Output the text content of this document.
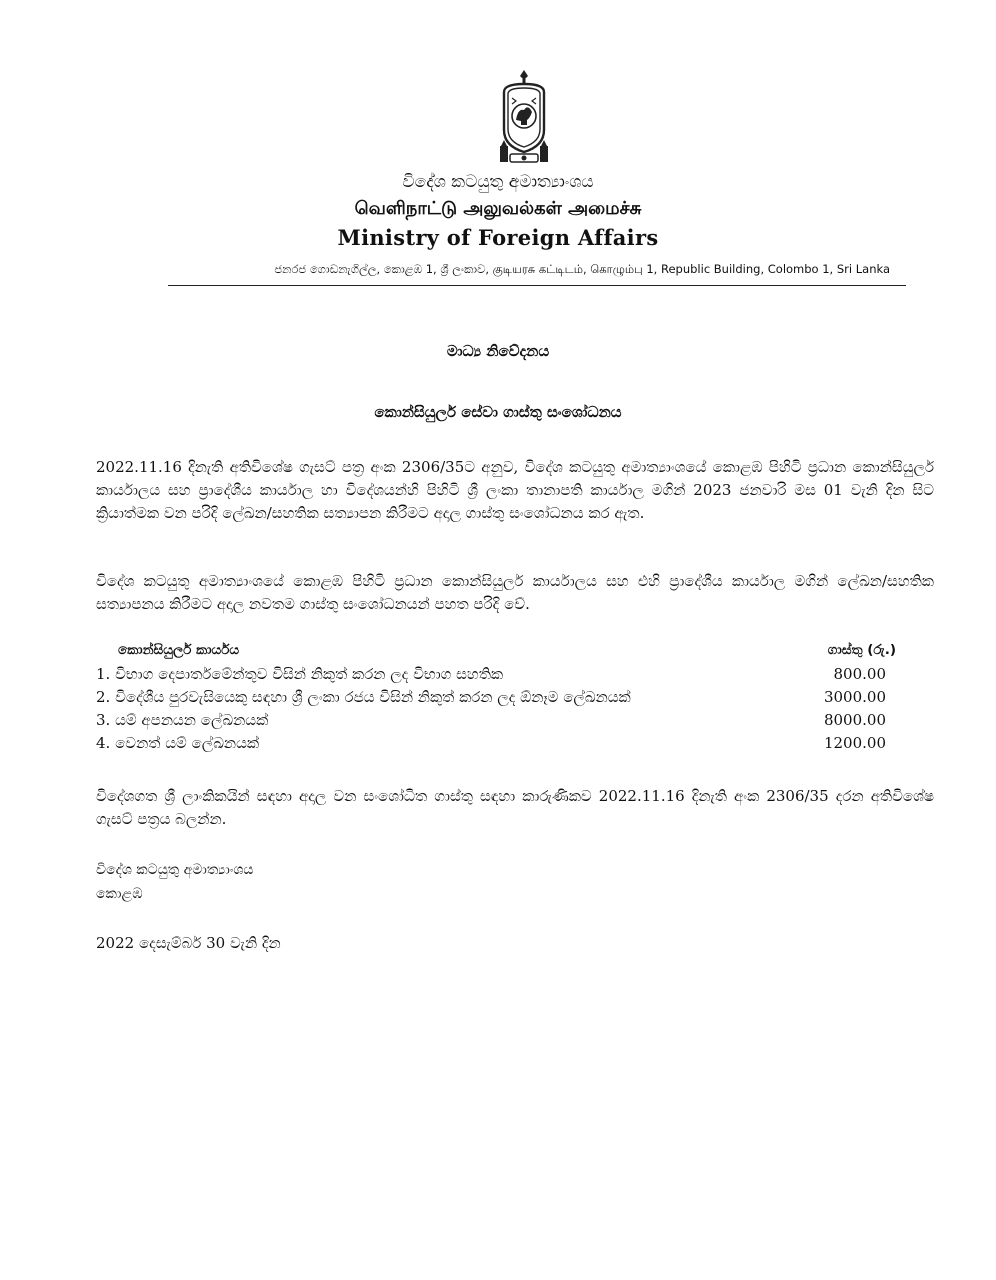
විදේශ කටයුතු අමාත්‍යාංශය
வெளிநாட்டு அலுவல்கள் அமைச்சு
Ministry of Foreign Affairs
ජනරජ ගොඩනැගිල්ල, කොළඹ 1, ශ්‍රී ලංකාව, குடியரசு கட்டிடம், கொழும்பு 1, Republic Building, Colombo 1, Sri Lanka
මාධ්‍ය නිවේදනය
කොන්සියුලර් සේවා ගාස්තු සංශෝධනය
2022.11.16 දිනැති අතිවිශේෂ ගැසට් පත්‍ර අංක 2306/35ට අනුව, විදේශ කටයුතු අමාත්‍යාංශයේ කොළඹ පිහිටි ප්‍රධාන කොන්සියුලර් කාර්යාලය සහ ප්‍රාදේශීය කාර්යාල හා විදේශයන්හි පිහිටි ශ්‍රී ලංකා තානාපති කාර්යාල මගින් 2023 ජනවාරි මස 01 වැනි දින සිට ක්‍රියාත්මක වන පරිදි ලේඛන/සහතික සත්‍යාපන කිරීමට අදාල ගාස්තු සංශෝධනය කර ඇත.
විදේශ කටයුතු අමාත්‍යාංශයේ කොළඹ පිහිටි ප්‍රධාන කොන්සියුලර් කාර්යාලය සහ එහි ප්‍රාදේශීය කාර්යාල මගින් ලේඛන/සහතික සත්‍යාපනය කිරීමට අදාල නවතම ගාස්තු සංශෝධනයන් පහත පරිදි වේ.
කොන්සියුලර් කාර්යය	ගාස්තු (රු.)
1. විභාග දෙපාර්තමේන්තුව විසින් නිකුත් කරන ලද විභාග සහතික	800.00
2. විදේශීය පුරවැසියෙකු සඳහා ශ්‍රී ලංකා රජය විසින් නිකුත් කරන ලද ඕනෑම ලේඛනයක්	3000.00
3. යම් අපනයන ලේඛනයක්	8000.00
4. වෙනත් යම් ලේඛනයක්	1200.00
විදේශගත ශ්‍රී ලාංකිකයින් සඳහා අදාල වන සංශෝධිත ගාස්තු සඳහා කාරුණිකව 2022.11.16 දිනැති අංක 2306/35 දරන අතිවිශේෂ ගැසට් පත්‍රය බලන්න.
විදේශ කටයුතු අමාත්‍යාංශය
කොළඹ
2022 දෙසැම්බර් 30 වැනි දින
